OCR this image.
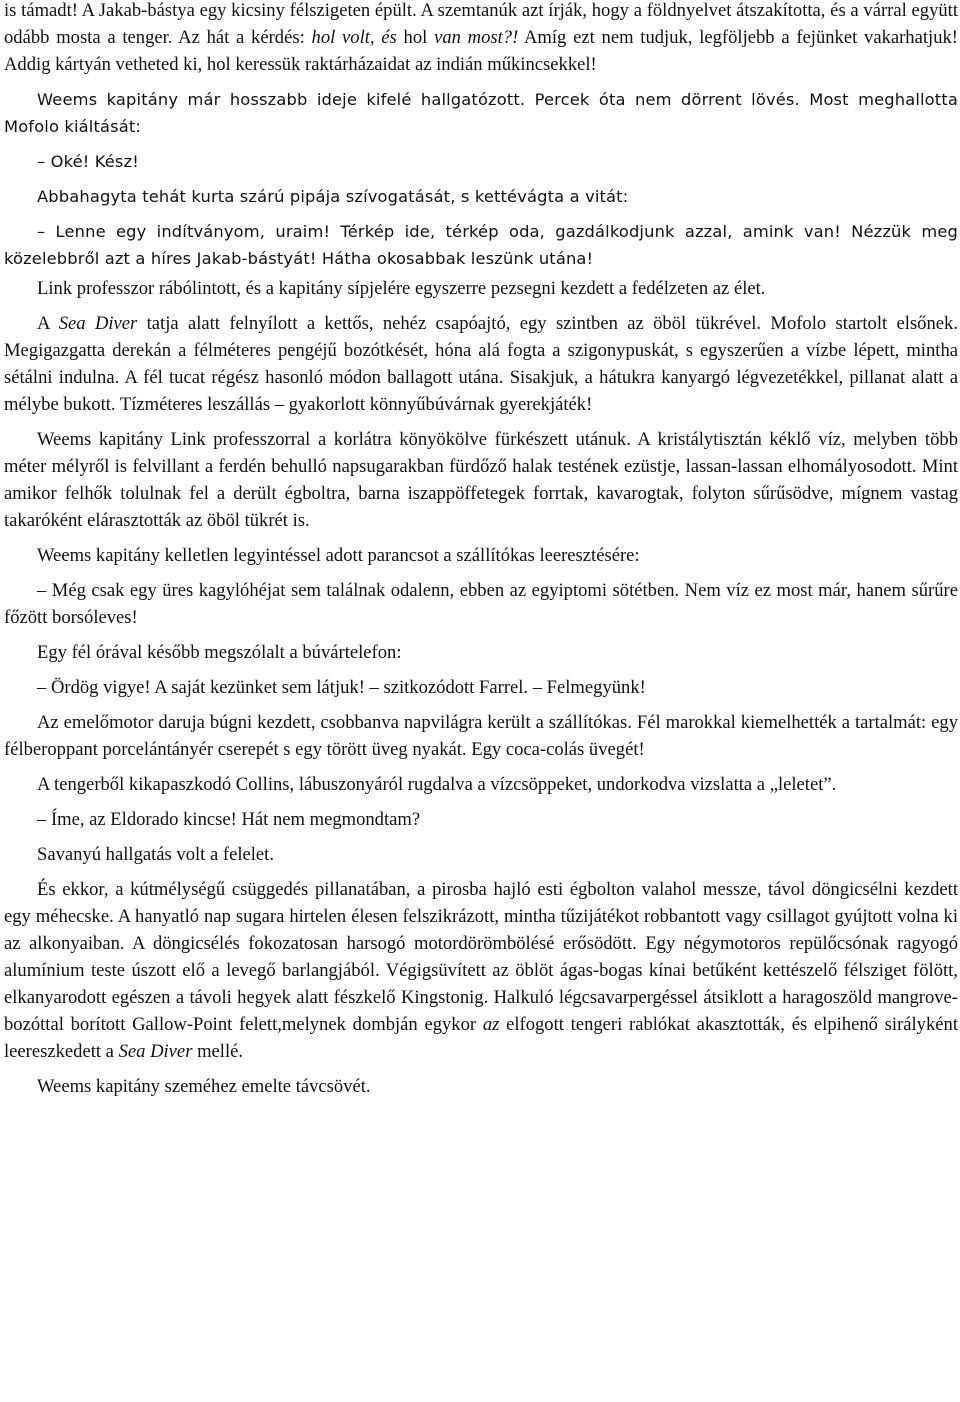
is támadt! A Jakab-bástya egy kicsiny félszigeten épült. A szemtanúk azt írják, hogy a földnyelvet átszakította, és a várral együtt odább mosta a tenger. Az hát a kérdés: hol volt, és hol van most?! Amíg ezt nem tudjuk, legföljebb a fejünket vakarhatjuk! Addig kártyán vetheted ki, hol keressük raktárházaidat az indián műkincsekkel!

Weems kapitány már hosszabb ideje kifelé hallgatózott. Percek óta nem dörrent lövés. Most meghallotta Mofolo kiáltását:

– Oké! Kész!

Abbahagyta tehát kurta szárú pipája szívogatását, s kettévágta a vitát:

– Lenne egy indítványom, uraim! Térkép ide, térkép oda, gazdálkodjunk azzal, amink van! Nézzük meg közelebbről azt a híres Jakab-bástyát! Hátha okosabbak leszünk utána!

Link professzor rábólintott, és a kapitány sípjelére egyszerre pezsegni kezdett a fedélzeten az élet.

A Sea Diver tatja alatt felnyílott a kettős, nehéz csapóajtó, egy szintben az öböl tükrével. Mofolo startolt elsőnek. Megigazgatta derekán a félméteres pengéjű bozótkését, hóna alá fogta a szigonypuskát, s egyszerűen a vízbe lépett, mintha sétálni indulna. A fél tucat régész hasonló módon ballagott utána. Sisakjuk, a hátukra kanyargó légvezetékkel, pillanat alatt a mélybe bukott. Tízméteres leszállás – gyakorlott könnyűbúvárnak gyerekjáték!

Weems kapitány Link professzorral a korlátra könyökölve fürkészett utánuk. A kristálytisztán kéklő víz, melyben több méter mélyről is felvillant a ferdén behulló napsugarakban fürdőző halak testének ezüstje, lassan-lassan elhomályosodott. Mint amikor felhők tolulnak fel a derült égboltra, barna iszappöffetegek forrtak, kavarogtak, folyton sűrűsödve, mígnem vastag takaróként elárasztották az öböl tükrét is.

Weems kapitány kelletlen legyintéssel adott parancsot a szállítókas leeresztésére:

– Még csak egy üres kagylóhéjat sem találnak odalenn, ebben az egyiptomi sötétben. Nem víz ez most már, hanem sűrűre főzött borsóleves!

Egy fél órával később megszólalt a búvártelefon:

– Ördög vigye! A saját kezünket sem látjuk! – szitkozódott Farrel. – Felmegyünk!

Az emelőmotor daruja búgni kezdett, csobbanva napvilágra került a szállítókas. Fél marokkal kiemelhették a tartalmát: egy félberoppant porcelántányér cserepét s egy törött üveg nyakát. Egy coca-colás üvegét!

A tengerből kikapaszkodó Collins, lábuszonyáról rugdalva a vízcsöppeket, undorkodva vizslatta a „leletet”.

– Íme, az Eldorado kincse! Hát nem megmondtam?

Savanyú hallgatás volt a felelet.

És ekkor, a kútmélységű csüggedés pillanatában, a pirosba hajló esti égbolton valahol messze, távol döngicsélni kezdett egy méhecske. A hanyatló nap sugara hirtelen élesen felszikrázott, mintha tűzijátékot robbantott vagy csillagot gyújtott volna ki az alkonyaiban. A döngicsélés fokozatosan harsogó motordörömbölésé erősödött. Egy négymotoros repülőcsónak ragyogó alumínium teste úszott elő a levegő barlangjából. Végigsüvített az öblöt ágas-bogas kínai betűként kettészelő félsziget fölött, elkanyarodott egészen a távoli hegyek alatt fészkelő Kingstonig. Halkuló légcsavarpergéssel átsiklott a haragoszöld mangrove-bozóttal borított Gallow-Point felett,melynek dombján egykor az elfogott tengeri rablókat akasztották, és elpihenő sirályként leereszkedett a Sea Diver mellé.

Weems kapitány szeméhez emelte távcsövét.
